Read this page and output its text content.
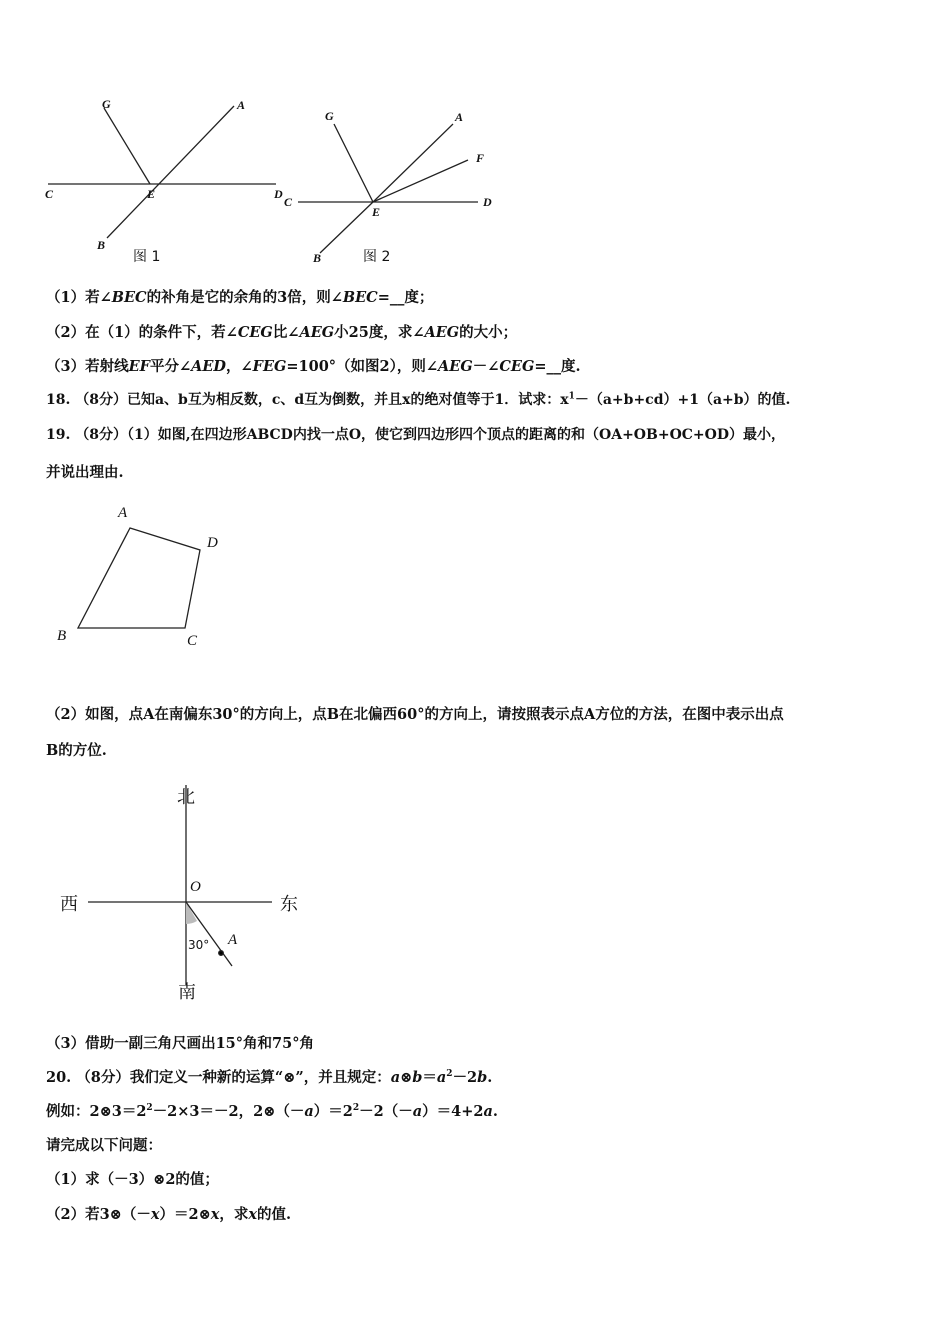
G	A
C	E	D
B
图 1
G	A
F
C
E
D
B	图 2
（1）若∠BEC的补角是它的余角的3倍，则∠BEC=__度；
（2）在（1）的条件下，若∠CEG比∠AEG小25度，求∠AEG的大小；
（3）若射线EF平分∠AED，∠FEG=100°（如图2），则∠AEG－∠CEG=__度.
18. （8分）已知a、b互为相反数，c、d互为倒数，并且x的绝对值等于1．试求：$x^1-(a+b+cd)+1(a+b)$的值.
19. （8分）（1）如图,在四边形ABCD内找一点O，使它到四边形四个顶点的距离的和（OA+OB+OC+OD）最小，
并说出理由.
A
D
B	C
（2）如图，点A在南偏东30°的方向上，点B在北偏西60°的方向上，请按照表示点A方位的方法，在图中表示出点
B的方位.
北
西	东
南
O
30° A
（3）借助一副三角尺画出15°角和75°角
20. （8分）我们定义一种新的运算“⊗”，并且规定：$a\otimes b=a^2-2b$.
例如：$2\otimes 3=2^2-2\times 3=-2$，$2\otimes(-a)=2^2-2(-a)=4+2a$.
请完成以下问题：
（1）求（－3）⊗2的值；
（2）若3⊗（－x）＝2⊗x，求x的值.
